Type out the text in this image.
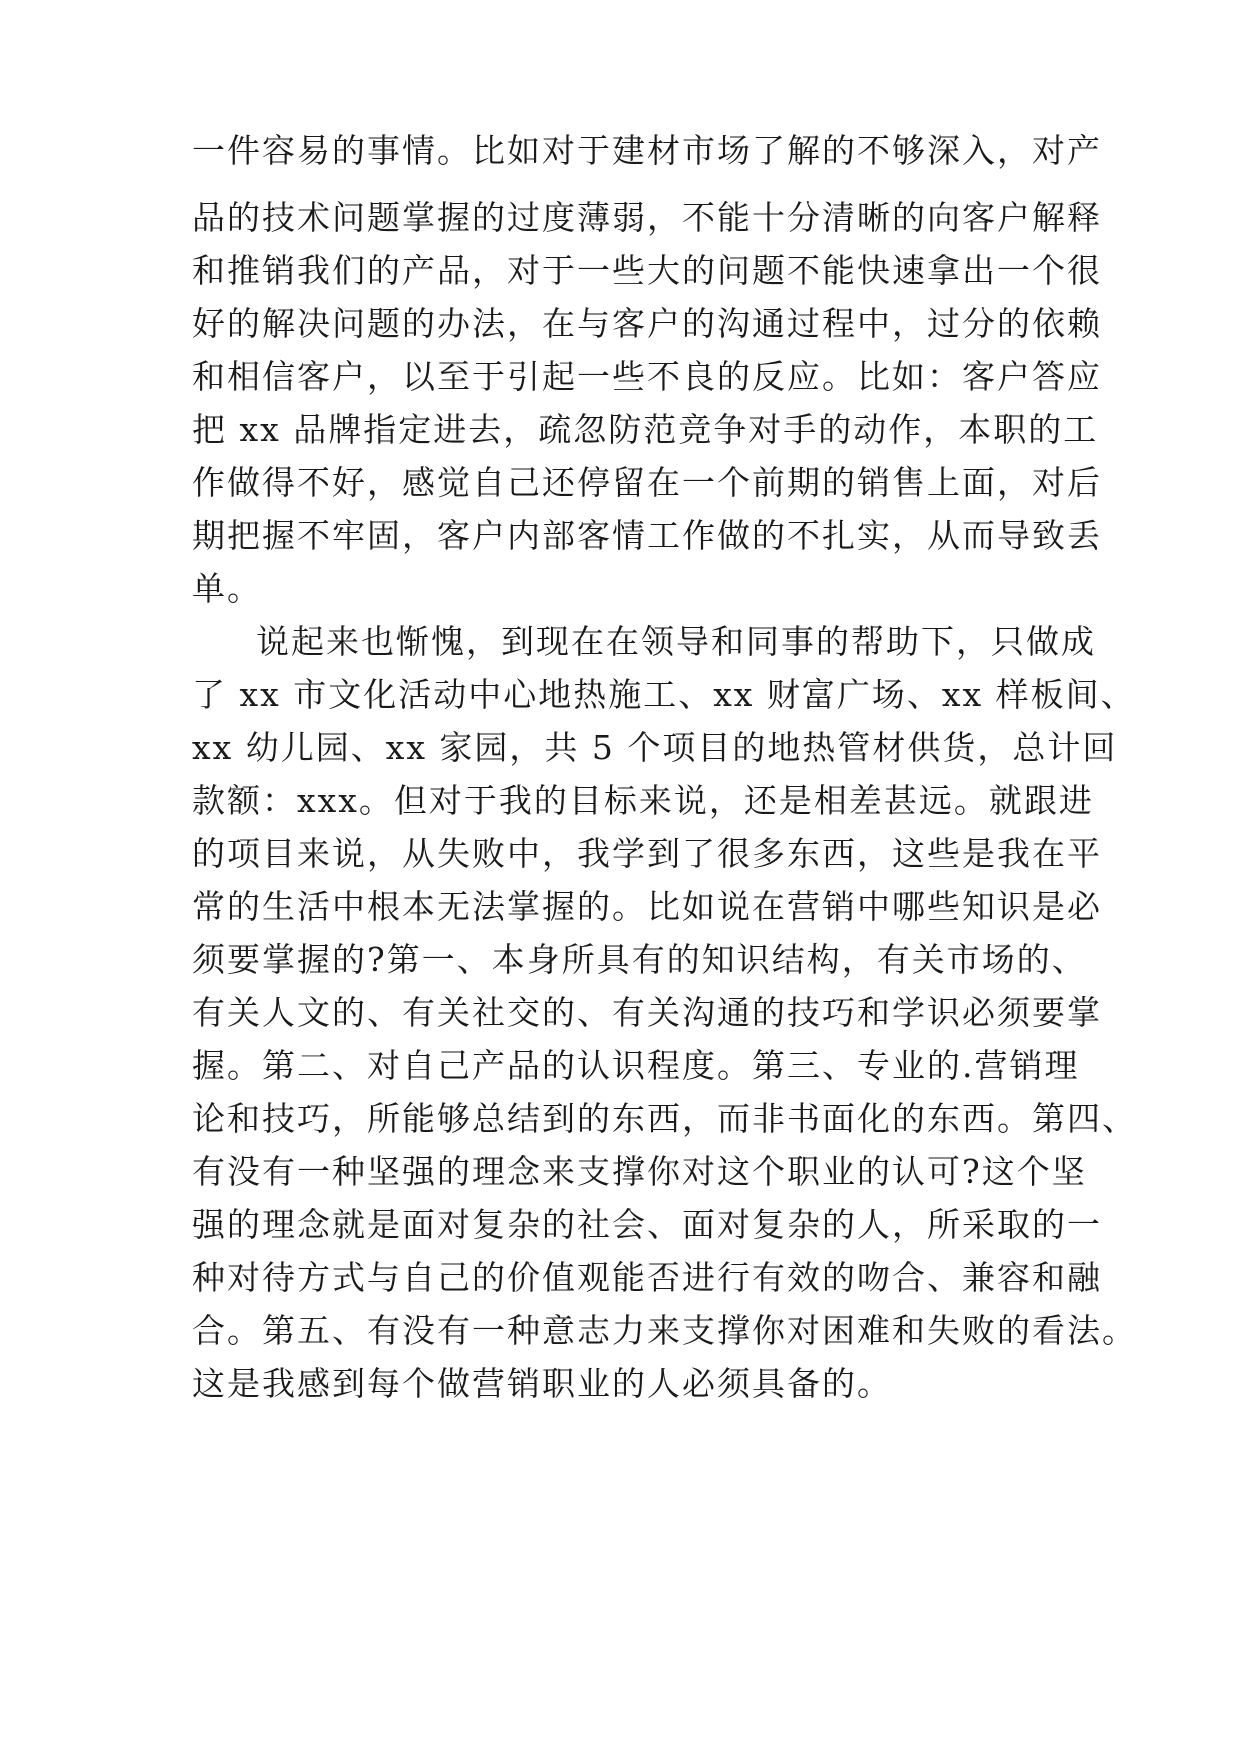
一件容易的事情。比如对于建材市场了解的不够深入，对产
品的技术问题掌握的过度薄弱，不能十分清晰的向客户解释
和推销我们的产品，对于一些大的问题不能快速拿出一个很
好的解决问题的办法，在与客户的沟通过程中，过分的依赖
和相信客户，以至于引起一些不良的反应。比如：客户答应
把 xx 品牌指定进去，疏忽防范竞争对手的动作，本职的工
作做得不好，感觉自己还停留在一个前期的销售上面，对后
期把握不牢固，客户内部客情工作做的不扎实，从而导致丢
单。
说起来也惭愧，到现在在领导和同事的帮助下，只做成
了 xx 市文化活动中心地热施工、xx 财富广场、xx 样板间、
xx 幼儿园、xx 家园，共 5 个项目的地热管材供货，总计回
款额：xxx。但对于我的目标来说，还是相差甚远。就跟进
的项目来说，从失败中，我学到了很多东西，这些是我在平
常的生活中根本无法掌握的。比如说在营销中哪些知识是必
须要掌握的?第一、本身所具有的知识结构，有关市场的、
有关人文的、有关社交的、有关沟通的技巧和学识必须要掌
握。第二、对自己产品的认识程度。第三、专业的.营销理
论和技巧，所能够总结到的东西，而非书面化的东西。第四、
有没有一种坚强的理念来支撑你对这个职业的认可?这个坚
强的理念就是面对复杂的社会、面对复杂的人，所采取的一
种对待方式与自己的价值观能否进行有效的吻合、兼容和融
合。第五、有没有一种意志力来支撑你对困难和失败的看法。
这是我感到每个做营销职业的人必须具备的。
